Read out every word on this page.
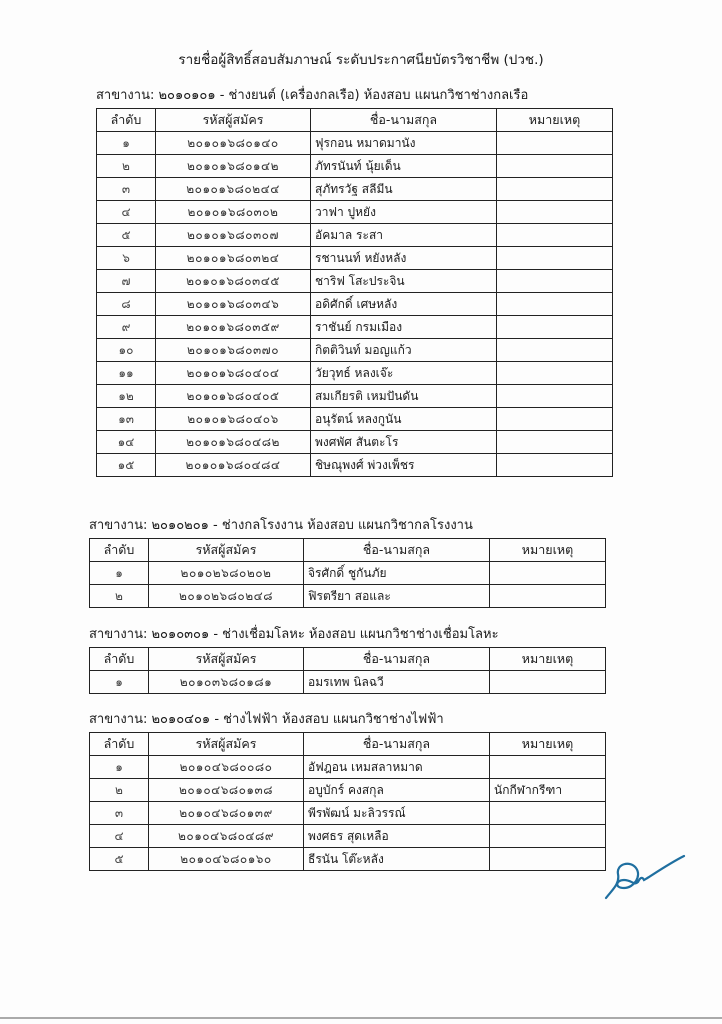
รายชื่อผู้สิทธิ์สอบสัมภาษณ์ ระดับประกาศนียบัตรวิชาชีพ (ปวช.)
สาขางาน: ๒๐๑๐๑๐๑ - ช่างยนต์ (เครื่องกลเรือ) ห้องสอบ แผนกวิชาช่างกลเรือ
ลำดับ	รหัสผู้สมัคร	ชื่อ-นามสกุล	หมายเหตุ
๑	๒๐๑๐๑๖๘๐๑๔๐	ฟุรกอน หมาดมานัง	
๒	๒๐๑๐๑๖๘๐๑๔๒	ภัทรนันท์ นุ้ยเด็น	
๓	๒๐๑๐๑๖๘๐๒๔๔	สุภัทรวัฐ สลีมีน	
๔	๒๐๑๐๑๖๘๐๓๐๒	วาฟา ปูหยัง	
๕	๒๐๑๐๑๖๘๐๓๐๗	อัคมาล ระสา	
๖	๒๐๑๐๑๖๘๐๓๒๔	รชานนท์ หยังหลัง	
๗	๒๐๑๐๑๖๘๐๓๔๕	ชาริฟ โสะประจิน	
๘	๒๐๑๐๑๖๘๐๓๔๖	อดิศักดิ์ เศษหลัง	
๙	๒๐๑๐๑๖๘๐๓๕๙	ราชันย์ กรมเมือง	
๑๐	๒๐๑๐๑๖๘๐๓๗๐	กิตติวินท์ มอญแก้ว	
๑๑	๒๐๑๐๑๖๘๐๔๐๔	วัยวุทธ์ หลงเจ๊ะ	
๑๒	๒๐๑๐๑๖๘๐๔๐๕	สมเกียรติ เหมปันดัน	
๑๓	๒๐๑๐๑๖๘๐๔๐๖	อนุรัตน์ หลงกูนัน	
๑๔	๒๐๑๐๑๖๘๐๔๘๒	พงศพัศ สันตะโร	
๑๕	๒๐๑๐๑๖๘๐๔๘๔	ชิษณุพงศ์ พ่วงเพ็ชร	
สาขางาน: ๒๐๑๐๒๐๑ - ช่างกลโรงงาน ห้องสอบ แผนกวิชากลโรงงาน
ลำดับ	รหัสผู้สมัคร	ชื่อ-นามสกุล	หมายเหตุ
๑	๒๐๑๐๒๖๘๐๒๐๒	จิรศักดิ์ ชูกันภัย	
๒	๒๐๑๐๒๖๘๐๒๔๘	ฟิรตรียา สอและ	
สาขางาน: ๒๐๑๐๓๐๑ - ช่างเชื่อมโลหะ ห้องสอบ แผนกวิชาช่างเชื่อมโลหะ
ลำดับ	รหัสผู้สมัคร	ชื่อ-นามสกุล	หมายเหตุ
๑	๒๐๑๐๓๖๘๐๑๘๑	อมรเทพ นิลฉวี	
สาขางาน: ๒๐๑๐๔๐๑ - ช่างไฟฟ้า ห้องสอบ แผนกวิชาช่างไฟฟ้า
ลำดับ	รหัสผู้สมัคร	ชื่อ-นามสกุล	หมายเหตุ
๑	๒๐๑๐๔๖๘๐๐๘๐	อัฟฎอน เหมสลาหมาด	
๒	๒๐๑๐๔๖๘๐๑๓๘	อบูบักร์ คงสกุล	นักกีฬากรีฑา
๓	๒๐๑๐๔๖๘๐๑๓๙	พีรพัฒน์ มะลิวรรณ์	
๔	๒๐๑๐๔๖๘๐๔๘๙	พงศธร สุดเหลือ	
๕	๒๐๑๐๔๖๘๐๑๖๐	ธีรนัน โต๊ะหลัง	
